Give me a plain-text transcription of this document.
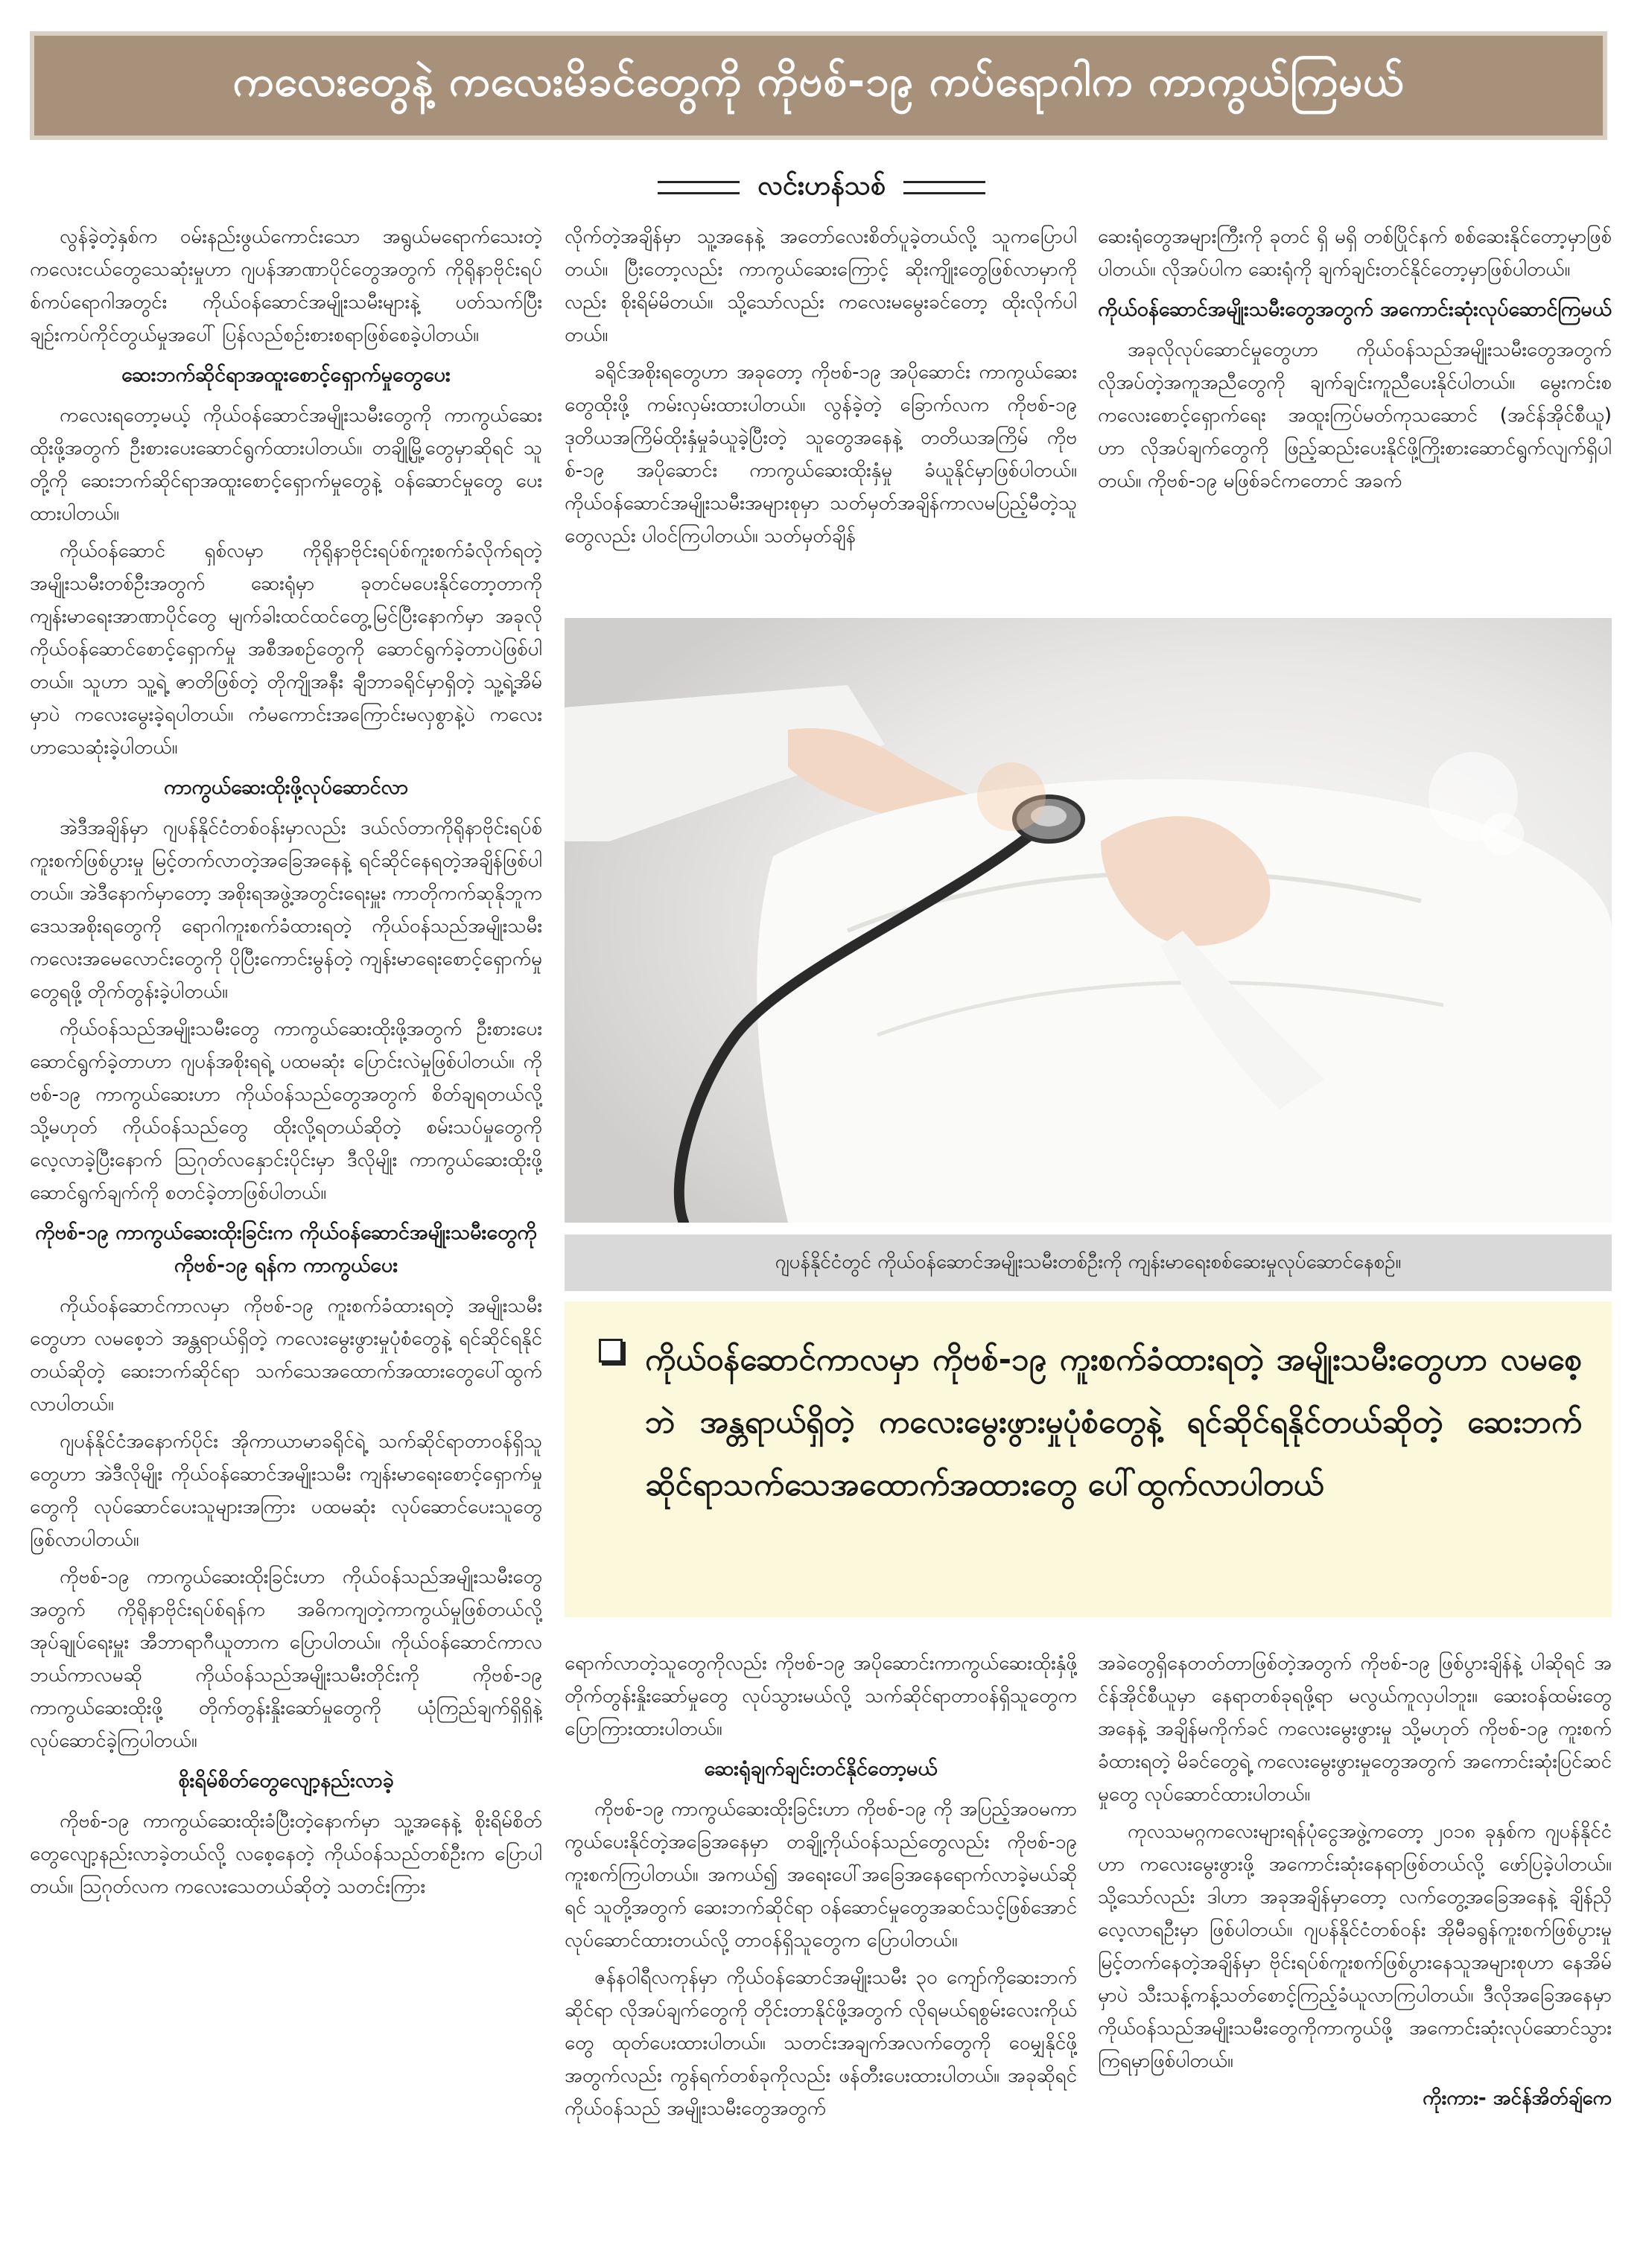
ကလေးတွေနဲ့ ကလေးမိခင်တွေကို ကိုဗစ်-၁၉ ကပ်ရောဂါက ကာကွယ်ကြမယ်
လင်းဟန်သစ်

လွန်ခဲ့တဲ့နှစ်က ဝမ်းနည်းဖွယ်ကောင်းသော အရွယ်မရောက်သေးတဲ့ ကလေးငယ်တွေသေဆုံးမှုဟာ ဂျပန်အာဏာပိုင်တွေအတွက် ကိုရိုနာဗိုင်းရပ်စ်ကပ်ရောဂါအတွင်း ကိုယ်ဝန်ဆောင်အမျိုးသမီးများနဲ့ ပတ်သက်ပြီး ချဉ်းကပ်ကိုင်တွယ်မှုအပေါ် ပြန်လည်စဉ်းစားစရာဖြစ်စေခဲ့ပါတယ်။

ဆေးဘက်ဆိုင်ရာအထူးစောင့်ရှောက်မှုတွေပေး

ကလေးရတော့မယ့် ကိုယ်ဝန်ဆောင်အမျိုးသမီးတွေကို ကာကွယ်ဆေးထိုးဖို့အတွက် ဦးစားပေးဆောင်ရွက်ထားပါတယ်။ တချို့မြို့တွေမှာဆိုရင် သူတို့ကို ဆေးဘက်ဆိုင်ရာအထူးစောင့်ရှောက်မှုတွေနဲ့ ဝန်ဆောင်မှုတွေ ပေးထားပါတယ်။

ကိုယ်ဝန်ဆောင် ရှစ်လမှာ ကိုရိုနာဗိုင်းရပ်စ်ကူးစက်ခံလိုက်ရတဲ့ အမျိုးသမီးတစ်ဦးအတွက် ဆေးရုံမှာ ခုတင်မပေးနိုင်တော့တာကို ကျန်းမာရေးအာဏာပိုင်တွေ မျက်ခါးထင်ထင်တွေ့မြင်ပြီးနောက်မှာ အခုလို ကိုယ်ဝန်ဆောင်စောင့်ရှောက်မှု အစီအစဉ်တွေကို ဆောင်ရွက်ခဲ့တာပဲဖြစ်ပါတယ်။ သူဟာ သူ့ရဲ့ ဇာတိဖြစ်တဲ့ တိုကျိုအနီး ချီဘာခရိုင်မှာရှိတဲ့ သူ့ရဲ့အိမ်မှာပဲ ကလေးမွေးခဲ့ရပါတယ်။ ကံမကောင်းအကြောင်းမလှစွာနဲ့ပဲ ကလေးဟာသေဆုံးခဲ့ပါတယ်။

ကာကွယ်ဆေးထိုးဖို့လုပ်ဆောင်လာ

အဲဒီအချိန်မှာ ဂျပန်နိုင်ငံတစ်ဝန်းမှာလည်း ဒယ်လ်တာကိုရိုနာဗိုင်းရပ်စ်ကူးစက်ဖြစ်ပွားမှု မြင့်တက်လာတဲ့အခြေအနေနဲ့ ရင်ဆိုင်နေရတဲ့အချိန်ဖြစ်ပါတယ်။ အဲဒီနောက်မှာတော့ အစိုးရအဖွဲ့အတွင်းရေးမှူး ကာတိုကက်ဆုနိုဘူက ဒေသအစိုးရတွေကို ရောဂါကူးစက်ခံထားရတဲ့ ကိုယ်ဝန်သည်အမျိုးသမီး ကလေးအမေလောင်းတွေကို ပိုပြီးကောင်းမွန်တဲ့ ကျန်းမာရေးစောင့်ရှောက်မှုတွေရဖို့ တိုက်တွန်းခဲ့ပါတယ်။

ကိုယ်ဝန်သည်အမျိုးသမီးတွေ ကာကွယ်ဆေးထိုးဖို့အတွက် ဦးစားပေးဆောင်ရွက်ခဲ့တာဟာ ဂျပန်အစိုးရရဲ့ ပထမဆုံး ပြောင်းလဲမှုဖြစ်ပါတယ်။ ကိုဗစ်-၁၉ ကာကွယ်ဆေးဟာ ကိုယ်ဝန်သည်တွေအတွက် စိတ်ချရတယ်လို့ သို့မဟုတ် ကိုယ်ဝန်သည်တွေ ထိုးလို့ရတယ်ဆိုတဲ့ စမ်းသပ်မှုတွေကို လေ့လာခဲ့ပြီးနောက် ဩဂုတ်လနှောင်းပိုင်းမှာ ဒီလိုမျိုး ကာကွယ်ဆေးထိုးဖို့ ဆောင်ရွက်ချက်ကို စတင်ခဲ့တာဖြစ်ပါတယ်။

ကိုဗစ်-၁၉ ကာကွယ်ဆေးထိုးခြင်းက ကိုယ်ဝန်ဆောင်အမျိုးသမီးတွေကို ကိုဗစ်-၁၉ ရန်က ကာကွယ်ပေး

ကိုယ်ဝန်ဆောင်ကာလမှာ ကိုဗစ်-၁၉ ကူးစက်ခံထားရတဲ့ အမျိုးသမီးတွေဟာ လမစေ့ဘဲ အန္တရာယ်ရှိတဲ့ ကလေးမွေးဖွားမှုပုံစံတွေနဲ့ ရင်ဆိုင်ရနိုင်တယ်ဆိုတဲ့ ဆေးဘက်ဆိုင်ရာ သက်သေအထောက်အထားတွေပေါ်ထွက်လာပါတယ်။

ဂျပန်နိုင်ငံအနောက်ပိုင်း အိုကာယာမာခရိုင်ရဲ့ သက်ဆိုင်ရာတာဝန်ရှိသူတွေဟာ အဲဒီလိုမျိုး ကိုယ်ဝန်ဆောင်အမျိုးသမီး ကျန်းမာရေးစောင့်ရှောက်မှုတွေကို လုပ်ဆောင်ပေးသူများအကြား ပထမဆုံး လုပ်ဆောင်ပေးသူတွေဖြစ်လာပါတယ်။

ကိုဗစ်-၁၉ ကာကွယ်ဆေးထိုးခြင်းဟာ ကိုယ်ဝန်သည်အမျိုးသမီးတွေအတွက် ကိုရိုနာဗိုင်းရပ်စ်ရန်က အဓိကကျတဲ့ကာကွယ်မှုဖြစ်တယ်လို့ အုပ်ချုပ်ရေးမှူး အီဘာရာဂီယူတာက ပြောပါတယ်။ ကိုယ်ဝန်ဆောင်ကာလ ဘယ်ကာလမဆို ကိုယ်ဝန်သည်အမျိုးသမီးတိုင်းကို ကိုဗစ်-၁၉ ကာကွယ်ဆေးထိုးဖို့ တိုက်တွန်းနှိုးဆော်မှုတွေကို ယုံကြည်ချက်ရှိရှိနဲ့ လုပ်ဆောင်ခဲ့ကြပါတယ်။

စိုးရိမ်စိတ်တွေလျော့နည်းလာခဲ့

ကိုဗစ်-၁၉ ကာကွယ်ဆေးထိုးခံပြီးတဲ့နောက်မှာ သူ့အနေနဲ့ စိုးရိမ်စိတ်တွေလျော့နည်းလာခဲ့တယ်လို့ လစေ့နေတဲ့ ကိုယ်ဝန်သည်တစ်ဦးက ပြောပါတယ်။ ဩဂုတ်လက ကလေးသေတယ်ဆိုတဲ့ သတင်းကြား

လိုက်တဲ့အချိန်မှာ သူ့အနေနဲ့ အတော်လေးစိတ်ပူခဲ့တယ်လို့ သူကပြောပါတယ်။ ပြီးတော့လည်း ကာကွယ်ဆေးကြောင့် ဆိုးကျိုးတွေဖြစ်လာမှာကိုလည်း စိုးရိမ်မိတယ်။ သို့သော်လည်း ကလေးမမွေးခင်တော့ ထိုးလိုက်ပါတယ်။

ခရိုင်အစိုးရတွေဟာ အခုတော့ ကိုဗစ်-၁၉ အပိုဆောင်း ကာကွယ်ဆေးတွေထိုးဖို့ ကမ်းလှမ်းထားပါတယ်။ လွန်ခဲ့တဲ့ ခြောက်လက ကိုဗစ်-၁၉ ဒုတိယအကြိမ်ထိုးနှံမှုခံယူခဲ့ပြီးတဲ့ သူတွေအနေနဲ့ တတိယအကြိမ် ကိုဗစ်-၁၉ အပိုဆောင်း ကာကွယ်ဆေးထိုးနှံမှု ခံယူနိုင်မှာဖြစ်ပါတယ်။ ကိုယ်ဝန်ဆောင်အမျိုးသမီးအများစုမှာ သတ်မှတ်အချိန်ကာလမပြည့်မီတဲ့သူတွေလည်း ပါဝင်ကြပါတယ်။ သတ်မှတ်ချိန်

ဆေးရုံတွေအများကြီးကို ခုတင် ရှိ မရှိ တစ်ပြိုင်နက် စစ်ဆေးနိုင်တော့မှာဖြစ်ပါတယ်။ လိုအပ်ပါက ဆေးရုံကို ချက်ချင်းတင်နိုင်တော့မှာဖြစ်ပါတယ်။

ကိုယ်ဝန်ဆောင်အမျိုးသမီးတွေအတွက် အကောင်းဆုံးလုပ်ဆောင်ကြမယ်

အခုလိုလုပ်ဆောင်မှုတွေဟာ ကိုယ်ဝန်သည်အမျိုးသမီးတွေအတွက် လိုအပ်တဲ့အကူအညီတွေကို ချက်ချင်းကူညီပေးနိုင်ပါတယ်။ မွေးကင်းစကလေးစောင့်ရှောက်ရေး အထူးကြပ်မတ်ကုသဆောင် (အင်န်အိုင်စီယူ) ဟာ လိုအပ်ချက်တွေကို ဖြည့်ဆည်းပေးနိုင်ဖို့ကြိုးစားဆောင်ရွက်လျက်ရှိပါတယ်။ ကိုဗစ်-၁၉ မဖြစ်ခင်ကတောင် အခက်

ဂျပန်နိုင်ငံတွင် ကိုယ်ဝန်ဆောင်အမျိုးသမီးတစ်ဦးကို ကျန်းမာရေးစစ်ဆေးမှုလုပ်ဆောင်နေစဉ်။
ကိုယ်ဝန်ဆောင်ကာလမှာ ကိုဗစ်-၁၉ ကူးစက်ခံထားရတဲ့ အမျိုးသမီးတွေဟာ လမစေ့ဘဲ အန္တရာယ်ရှိတဲ့ ကလေးမွေးဖွားမှုပုံစံတွေနဲ့ ရင်ဆိုင်ရနိုင်တယ်ဆိုတဲ့ ဆေးဘက်ဆိုင်ရာသက်သေအထောက်အထားတွေ ပေါ်ထွက်လာပါတယ်

ရောက်လာတဲ့သူတွေကိုလည်း ကိုဗစ်-၁၉ အပိုဆောင်းကာကွယ်ဆေးထိုးနှံဖို့ တိုက်တွန်းနှိုးဆော်မှုတွေ လုပ်သွားမယ်လို့ သက်ဆိုင်ရာတာဝန်ရှိသူတွေက ပြောကြားထားပါတယ်။

ဆေးရုံချက်ချင်းတင်နိုင်တော့မယ်

ကိုဗစ်-၁၉ ကာကွယ်ဆေးထိုးခြင်းဟာ ကိုဗစ်-၁၉ ကို အပြည့်အဝမကာကွယ်ပေးနိုင်တဲ့အခြေအနေမှာ တချို့ကိုယ်ဝန်သည်တွေလည်း ကိုဗစ်-၁၉ ကူးစက်ကြပါတယ်။ အကယ်၍ အရေးပေါ်အခြေအနေရောက်လာခဲ့မယ်ဆိုရင် သူတို့အတွက် ဆေးဘက်ဆိုင်ရာ ဝန်ဆောင်မှုတွေအဆင်သင့်ဖြစ်အောင်လုပ်ဆောင်ထားတယ်လို့ တာဝန်ရှိသူတွေက ပြောပါတယ်။

ဇန်နဝါရီလကုန်မှာ ကိုယ်ဝန်ဆောင်အမျိုးသမီး ၃၀ ကျော်ကိုဆေးဘက်ဆိုင်ရာ လိုအပ်ချက်တွေကို တိုင်းတာနိုင်ဖို့အတွက် လိုရမယ်ရစွမ်းလေးကိုယ်တွေ ထုတ်ပေးထားပါတယ်။ သတင်းအချက်အလက်တွေကို ဝေမျှနိုင်ဖို့အတွက်လည်း ကွန်ရက်တစ်ခုကိုလည်း ဖန်တီးပေးထားပါတယ်။ အခုဆိုရင် ကိုယ်ဝန်သည် အမျိုးသမီးတွေအတွက်

အခဲတွေရှိနေတတ်တာဖြစ်တဲ့အတွက် ကိုဗစ်-၁၉ ဖြစ်ပွားချိန်နဲ့ ပါဆိုရင် အင်န်အိုင်စီယူမှာ နေရာတစ်ခုရဖို့ရာ မလွယ်ကူလှပါဘူး။ ဆေးဝန်ထမ်းတွေအနေနဲ့ အချိန်မကိုက်ခင် ကလေးမွေးဖွားမှု သို့မဟုတ် ကိုဗစ်-၁၉ ကူးစက်ခံထားရတဲ့ မိခင်တွေရဲ့ ကလေးမွေးဖွားမှုတွေအတွက် အကောင်းဆုံးပြင်ဆင်မှုတွေ လုပ်ဆောင်ထားပါတယ်။

ကုလသမဂ္ဂကလေးများရန်ပုံငွေအဖွဲ့ကတော့ ၂၀၁၈ ခုနှစ်က ဂျပန်နိုင်ငံဟာ ကလေးမွေးဖွားဖို့ အကောင်းဆုံးနေရာဖြစ်တယ်လို့ ဖော်ပြခဲ့ပါတယ်။ သို့သော်လည်း ဒါဟာ အခုအချိန်မှာတော့ လက်တွေ့အခြေအနေနဲ့ ချိန်ညှိလေ့လာရဦးမှာ ဖြစ်ပါတယ်။ ဂျပန်နိုင်ငံတစ်ဝန်း အိုမီခရွန်ကူးစက်ဖြစ်ပွားမှု မြင့်တက်နေတဲ့အချိန်မှာ ဗိုင်းရပ်စ်ကူးစက်ဖြစ်ပွားနေသူအများစုဟာ နေအိမ်မှာပဲ သီးသန့်ကန့်သတ်စောင့်ကြည့်ခံယူလာကြပါတယ်။ ဒီလိုအခြေအနေမှာ ကိုယ်ဝန်သည်အမျိုးသမီးတွေကိုကာကွယ်ဖို့ အကောင်းဆုံးလုပ်ဆောင်သွားကြရမှာဖြစ်ပါတယ်။

ကိုးကား- အင်န်အိတ်ချ်ကေ
